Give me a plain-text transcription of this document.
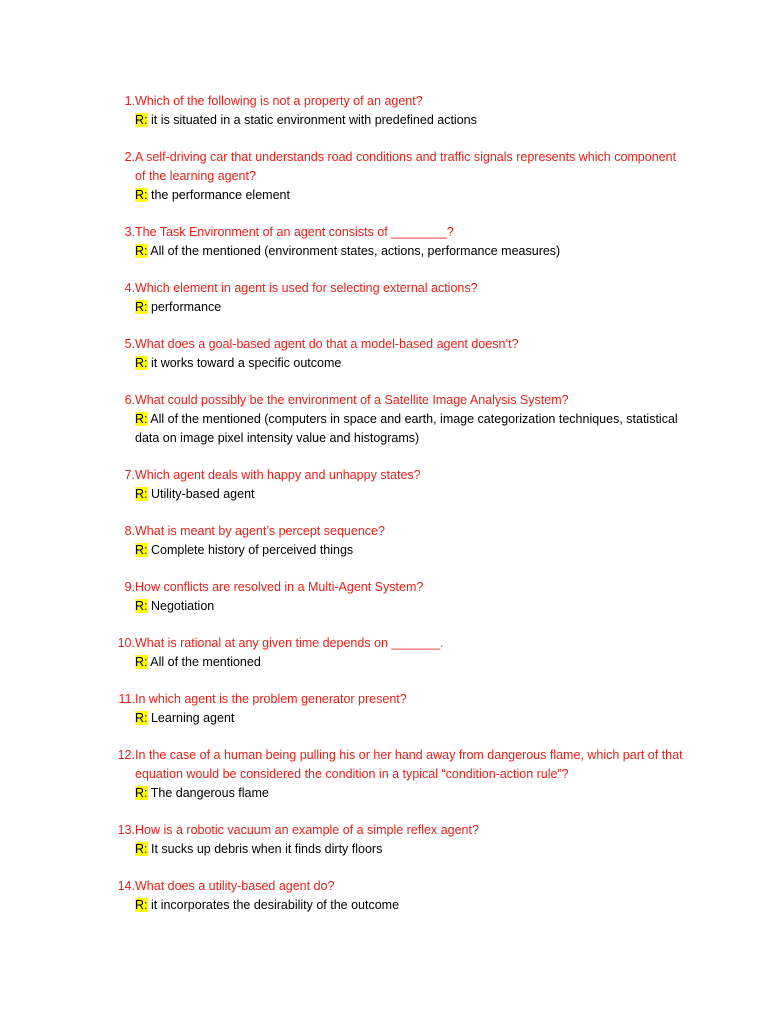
1. Which of the following is not a property of an agent?
R: it is situated in a static environment with predefined actions
2. A self-driving car that understands road conditions and traffic signals represents which component of the learning agent?
R: the performance element
3. The Task Environment of an agent consists of ________?
R: All of the mentioned (environment states, actions, performance measures)
4. Which element in agent is used for selecting external actions?
R: performance
5. What does a goal-based agent do that a model-based agent doesn’t?
R: it works toward a specific outcome
6. What could possibly be the environment of a Satellite Image Analysis System?
R: All of the mentioned (computers in space and earth, image categorization techniques, statistical data on image pixel intensity value and histograms)
7. Which agent deals with happy and unhappy states?
R: Utility-based agent
8. What is meant by agent’s percept sequence?
R: Complete history of perceived things
9. How conflicts are resolved in a Multi-Agent System?
R: Negotiation
10. What is rational at any given time depends on _______.
R: All of the mentioned
11. In which agent is the problem generator present?
R: Learning agent
12. In the case of a human being pulling his or her hand away from dangerous flame, which part of that equation would be considered the condition in a typical “condition-action rule”?
R: The dangerous flame
13. How is a robotic vacuum an example of a simple reflex agent?
R: It sucks up debris when it finds dirty floors
14. What does a utility-based agent do?
R: it incorporates the desirability of the outcome
